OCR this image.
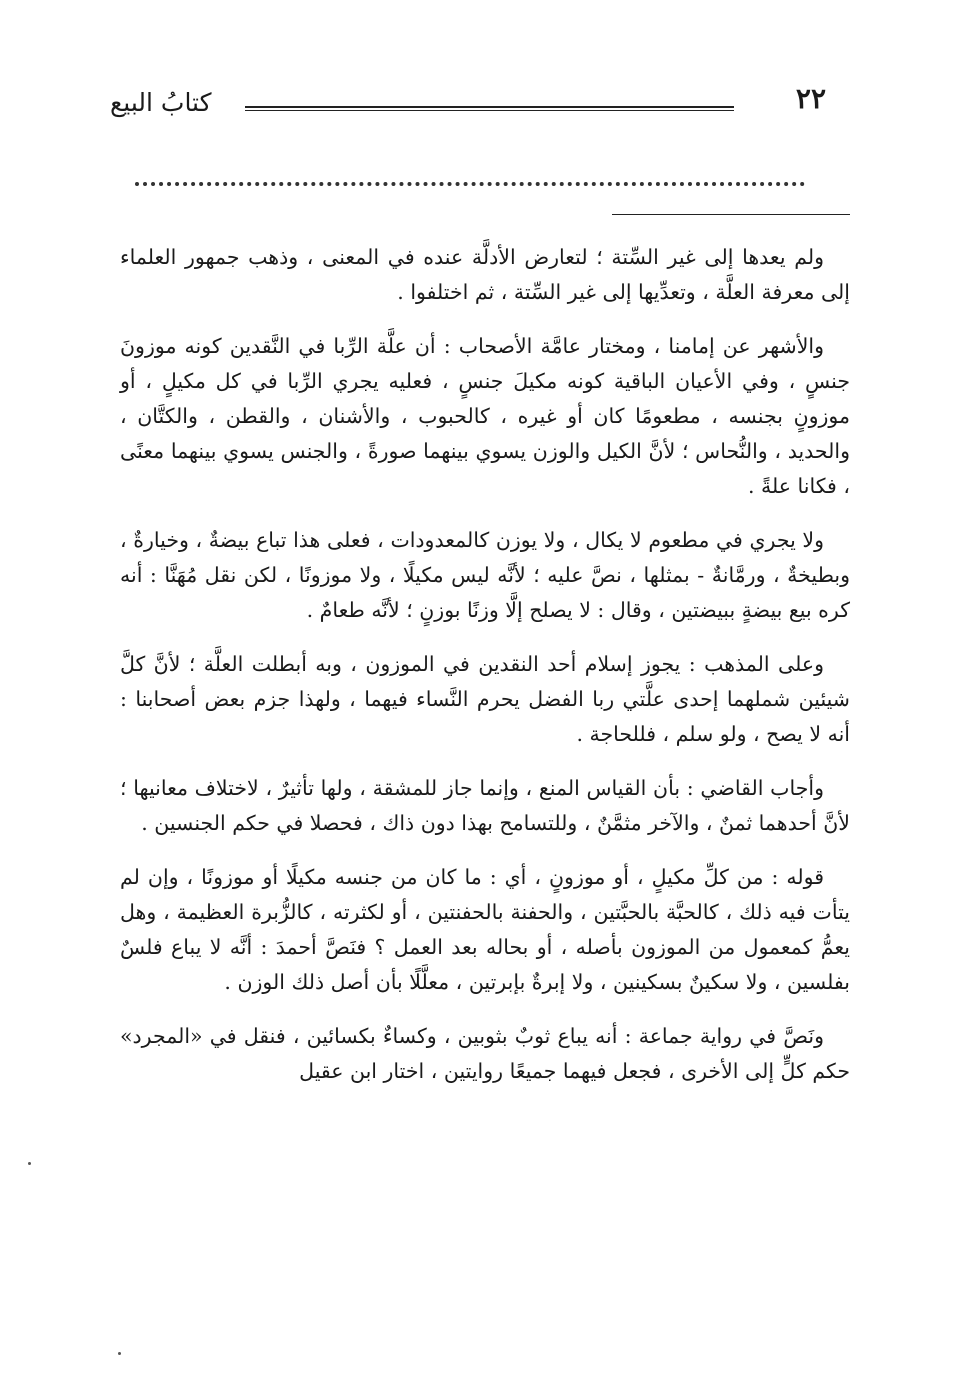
٢٢
كتابُ البيع

ولم يعدها إلى غير السِّتة ؛ لتعارض الأدلَّة عنده في المعنى ، وذهب جمهور العلماء إلى معرفة العلَّة ، وتعدِّيها إلى غير السِّتة ، ثم اختلفوا .

والأشهر عن إمامنا ، ومختار عامَّة الأصحاب : أن علَّة الرِّبا في النَّقدين كونه موزونَ جنسٍ ، وفي الأعيان الباقية كونه مكيلَ جنسٍ ، فعليه يجري الرِّبا في كل مكيلٍ ، أو موزونٍ بجنسه ، مطعومًا كان أو غيره ، كالحبوب ، والأشنان ، والقطن ، والكتَّان ، والحديد ، والنُّحاس ؛ لأنَّ الكيل والوزن يسوي بينهما صورةً ، والجنس يسوي بينهما معنًى ، فكانا علةً .

ولا يجري في مطعوم لا يكال ، ولا يوزن كالمعدودات ، فعلى هذا تباع بيضةٌ ، وخيارةٌ ، وبطيخةٌ ، ورمَّانةٌ - بمثلها ، نصَّ عليه ؛ لأنَّه ليس مكيلًا ، ولا موزونًا ، لكن نقل مُهَنَّا : أنه كره بيع بيضةٍ ببيضتين ، وقال : لا يصلح إلَّا وزنًا بوزنٍ ؛ لأنَّه طعامٌ .

وعلى المذهب : يجوز إسلام أحد النقدين في الموزون ، وبه أبطلت العلَّة ؛ لأنَّ كلَّ شيئين شملهما إحدى علَّتي ربا الفضل يحرم النَّساء فيهما ، ولهذا جزم بعض أصحابنا : أنه لا يصح ، ولو سلم ، فللحاجة .

وأجاب القاضي : بأن القياس المنع ، وإنما جاز للمشقة ، ولها تأثيرٌ ، لاختلاف معانيها ؛ لأنَّ أحدهما ثمنٌ ، والآخر مثمَّنٌ ، وللتسامح بهذا دون ذاك ، فحصلا في حكم الجنسين .

قوله : من كلِّ مكيلٍ ، أو موزونٍ ، أي : ما كان من جنسه مكيلًا أو موزونًا ، وإن لم يتأت فيه ذلك ، كالحبَّة بالحبَّتين ، والحفنة بالحفنتين ، أو لكثرته ، كالزُّبرة العظيمة ، وهل يعمُّ كمعمول من الموزون بأصله ، أو بحاله بعد العمل ؟ فنَصَّ أحمدَ : أنَّه لا يباع فلسٌ بفلسين ، ولا سكينٌ بسكينين ، ولا إبرةٌ بإبرتين ، معلَّلًا بأن أصل ذلك الوزن .

ونَصَّ في رواية جماعة : أنه يباع ثوبٌ بثوبين ، وكساءٌ بكسائين ، فنقل في «المجرد» حكم كلٍّ إلى الأخرى ، فجعل فيهما جميعًا روايتين ، اختار ابن عقيل
